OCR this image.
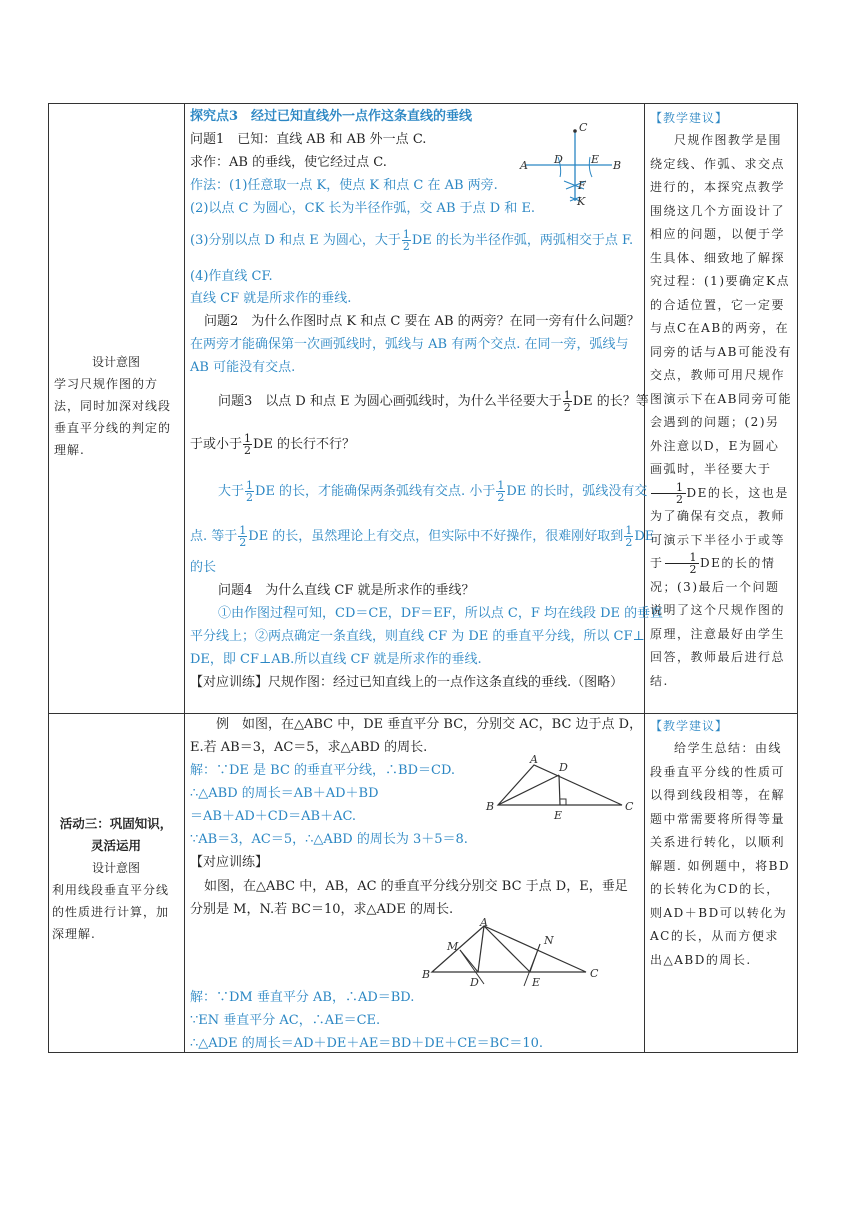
设计意图
学习尺规作图的方法，同时加深对线段垂直平分线的判定的理解.
探究点3　经过已知直线外一点作这条直线的垂线
问题1　已知：直线 AB 和 AB 外一点 C.
求作：AB 的垂线，使它经过点 C.
作法：(1)任意取一点 K，使点 K 和点 C 在 AB 两旁.
(2)以点 C 为圆心，CK 长为半径作弧，交 AB 于点 D 和 E.
(3)分别以点 D 和点 E 为圆心，大于 $\frac{1}{2}$ DE 的长为半径作弧，两弧相交于点 F.
(4)作直线 CF.
直线 CF 就是所求作的垂线.
问题2　为什么作图时点 K 和点 C 要在 AB 的两旁？在同一旁有什么问题？
在两旁才能确保第一次画弧线时，弧线与 AB 有两个交点. 在同一旁，弧线与
AB 可能没有交点.
问题3　以点 D 和点 E 为圆心画弧线时，为什么半径要大于 $\frac{1}{2}$ DE 的长？等
于或小于 $\frac{1}{2}$ DE 的长行不行？
大于 $\frac{1}{2}$ DE 的长，才能确保两条弧线有交点. 小于 $\frac{1}{2}$ DE 的长时，弧线没有交
点. 等于 $\frac{1}{2}$ DE 的长，虽然理论上有交点，但实际中不好操作，很难刚好取到 $\frac{1}{2}$ DE
的长
问题4　为什么直线 CF 就是所求作的垂线？
①由作图过程可知，CD＝CE，DF＝EF，所以点 C，F 均在线段 DE 的垂直
平分线上；②两点确定一条直线，则直线 CF 为 DE 的垂直平分线，所以 CF⊥
DE，即 CF⊥AB.所以直线 CF 就是所求作的垂线.
【对应训练】尺规作图：经过已知直线上的一点作这条直线的垂线.（图略）
A	B
C
D	E
F
K
【教学建议】
尺规作图教学是围绕定线、作弧、求交点进行的，本探究点教学围绕这几个方面设计了相应的问题，以便于学生具体、细致地了解探究过程：(1)要确定K点的合适位置，它一定要与点C在AB的两旁，在同旁的话与AB可能没有交点，教师可用尺规作图演示下在AB同旁可能会遇到的问题；(2)另外注意以D，E为圆心画弧时，半径要大于
$\frac{1}{2}$ DE的长，这也是为了确保有交点，教师可演示下半径小于或等于 $\frac{1}{2}$ DE的长的情况；(3)最后一个问题说明了这个尺规作图的原理，注意最好由学生回答，教师最后进行总结.
活动三：巩固知识，
灵活运用
设计意图
利用线段垂直平分线的性质进行计算，加深理解.
例　如图，在△ABC 中，DE 垂直平分 BC，分别交 AC，BC 边于点 D，
E.若 AB＝3，AC＝5，求△ABD 的周长.
解：∵DE 是 BC 的垂直平分线，∴BD＝CD.
∴△ABD 的周长＝AB＋AD＋BD
＝AB＋AD＋CD＝AB＋AC.
∵AB＝3，AC＝5，∴△ABD 的周长为 3＋5＝8.
【对应训练】
如图，在△ABC 中，AB，AC 的垂直平分线分别交 BC 于点 D，E，垂足
分别是 M，N.若 BC＝10，求△ADE 的周长.
解：∵DM 垂直平分 AB，∴AD＝BD.
∵EN 垂直平分 AC，∴AE＝CE.
∴△ADE 的周长＝AD＋DE＋AE＝BD＋DE＋CE＝BC＝10.
A
B	C
D
E
A
B	C
D	E
M	N
【教学建议】
给学生总结：由线段垂直平分线的性质可以得到线段相等，在解题中常需要将所得等量关系进行转化，以顺利解题. 如例题中，将BD的长转化为CD的长，则AD＋BD可以转化为AC的长，从而方便求出△ABD的周长.
